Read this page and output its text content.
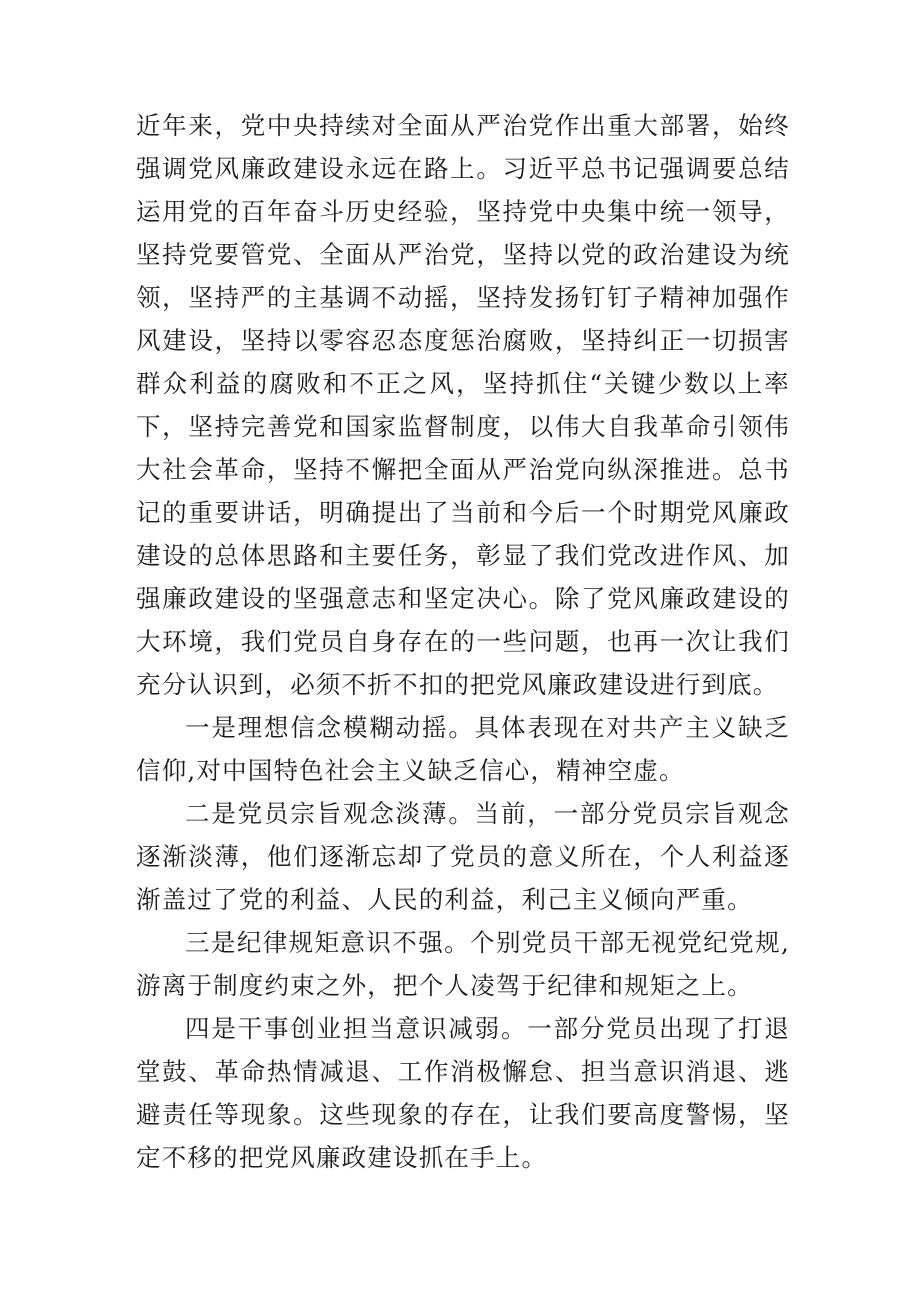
近年来，党中央持续对全面从严治党作出重大部署，始终强调党风廉政建设永远在路上。习近平总书记强调要总结运用党的百年奋斗历史经验，坚持党中央集中统一领导，坚持党要管党、全面从严治党，坚持以党的政治建设为统领，坚持严的主基调不动摇，坚持发扬钉钉子精神加强作风建设，坚持以零容忍态度惩治腐败，坚持纠正一切损害群众利益的腐败和不正之风，坚持抓住“关键少数以上率下，坚持完善党和国家监督制度，以伟大自我革命引领伟大社会革命，坚持不懈把全面从严治党向纵深推进。总书记的重要讲话，明确提出了当前和今后一个时期党风廉政建设的总体思路和主要任务，彰显了我们党改进作风、加强廉政建设的坚强意志和坚定决心。除了党风廉政建设的大环境，我们党员自身存在的一些问题，也再一次让我们充分认识到，必须不折不扣的把党风廉政建设进行到底。

一是理想信念模糊动摇。具体表现在对共产主义缺乏信仰,对中国特色社会主义缺乏信心，精神空虚。

二是党员宗旨观念淡薄。当前，一部分党员宗旨观念逐渐淡薄，他们逐渐忘却了党员的意义所在，个人利益逐渐盖过了党的利益、人民的利益，利己主义倾向严重。

三是纪律规矩意识不强。个别党员干部无视党纪党规,游离于制度约束之外，把个人凌驾于纪律和规矩之上。

四是干事创业担当意识减弱。一部分党员出现了打退堂鼓、革命热情减退、工作消极懈怠、担当意识消退、逃避责任等现象。这些现象的存在，让我们要高度警惕，坚定不移的把党风廉政建设抓在手上。
